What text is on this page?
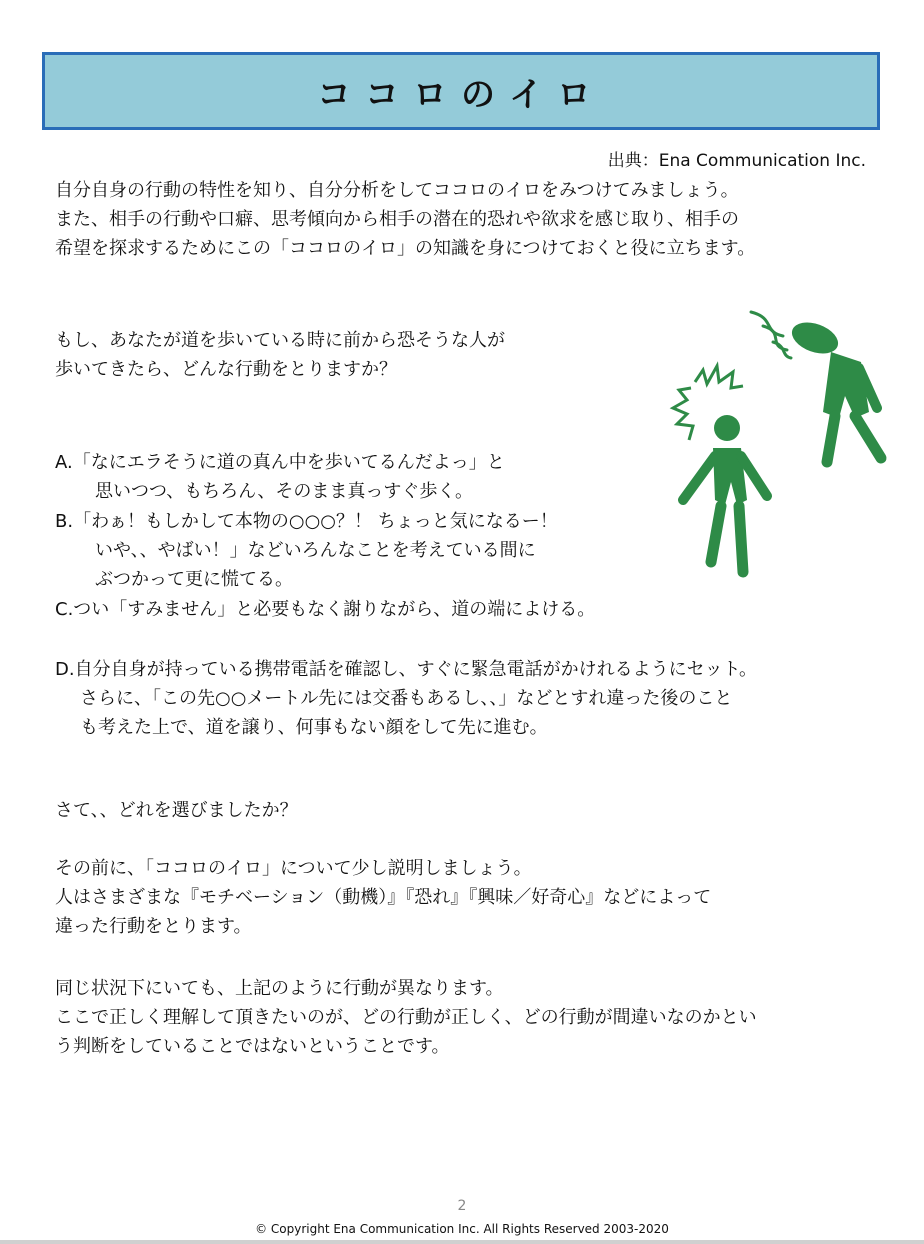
ココロのイロ
出典：Ena Communication Inc.
自分自身の行動の特性を知り、自分分析をしてココロのイロをみつけてみましょう。
また、相手の行動や口癖、思考傾向から相手の潜在的恐れや欲求を感じ取り、相手の
希望を探求するためにこの「ココロのイロ」の知識を身につけておくと役に立ちます。
もし、あなたが道を歩いている時に前から恐そうな人が
歩いてきたら、どんな行動をとりますか？
A.「なにエラそうに道の真ん中を歩いてるんだよっ」と
思いつつ、もちろん、そのまま真っすぐ歩く。
B.「わぁ！もしかして本物の○○○？！ ちょっと気になるー！
いや、、やばい！」などいろんなことを考えている間に
ぶつかって更に慌てる。
C.つい「すみません」と必要もなく謝りながら、道の端によける。
D.自分自身が持っている携帯電話を確認し、すぐに緊急電話がかけれるようにセット。
さらに、「この先○○メートル先には交番もあるし、、」などとすれ違った後のこと
も考えた上で、道を譲り、何事もない顔をして先に進む。
さて、、どれを選びましたか？
その前に、「ココロのイロ」について少し説明しましょう。
人はさまざまな『モチベーション（動機）』『恐れ』『興味／好奇心』などによって
違った行動をとります。
同じ状況下にいても、上記のように行動が異なります。
ここで正しく理解して頂きたいのが、どの行動が正しく、どの行動が間違いなのかとい
う判断をしていることではないということです。
2
© Copyright Ena Communication Inc. All Rights Reserved 2003-2020
